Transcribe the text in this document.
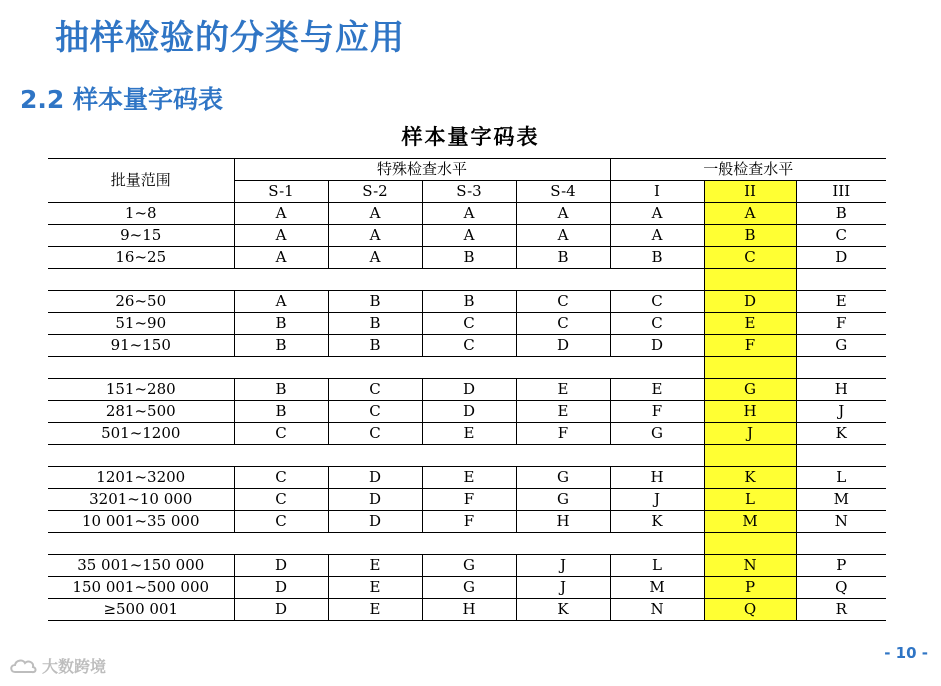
抽样检验的分类与应用
2.2 样本量字码表
样本量字码表
批量范围	特殊检查水平				一般检查水平		
	S-1	S-2	S-3	S-4	I	II	III
1~8	A	A	A	A	A	A	B
9~15	A	A	A	A	A	B	C
16~25	A	A	B	B	B	C	D

26~50	A	B	B	C	C	D	E
51~90	B	B	C	C	C	E	F
91~150	B	B	C	D	D	F	G

151~280	B	C	D	E	E	G	H
281~500	B	C	D	E	F	H	J
501~1200	C	C	E	F	G	J	K

1201~3200	C	D	E	G	H	K	L
3201~10 000	C	D	F	G	J	L	M
10 001~35 000	C	D	F	H	K	M	N

35 001~150 000	D	E	G	J	L	N	P
150 001~500 000	D	E	G	J	M	P	Q
≥500 001	D	E	H	K	N	Q	R
- 10 -
大数跨境
